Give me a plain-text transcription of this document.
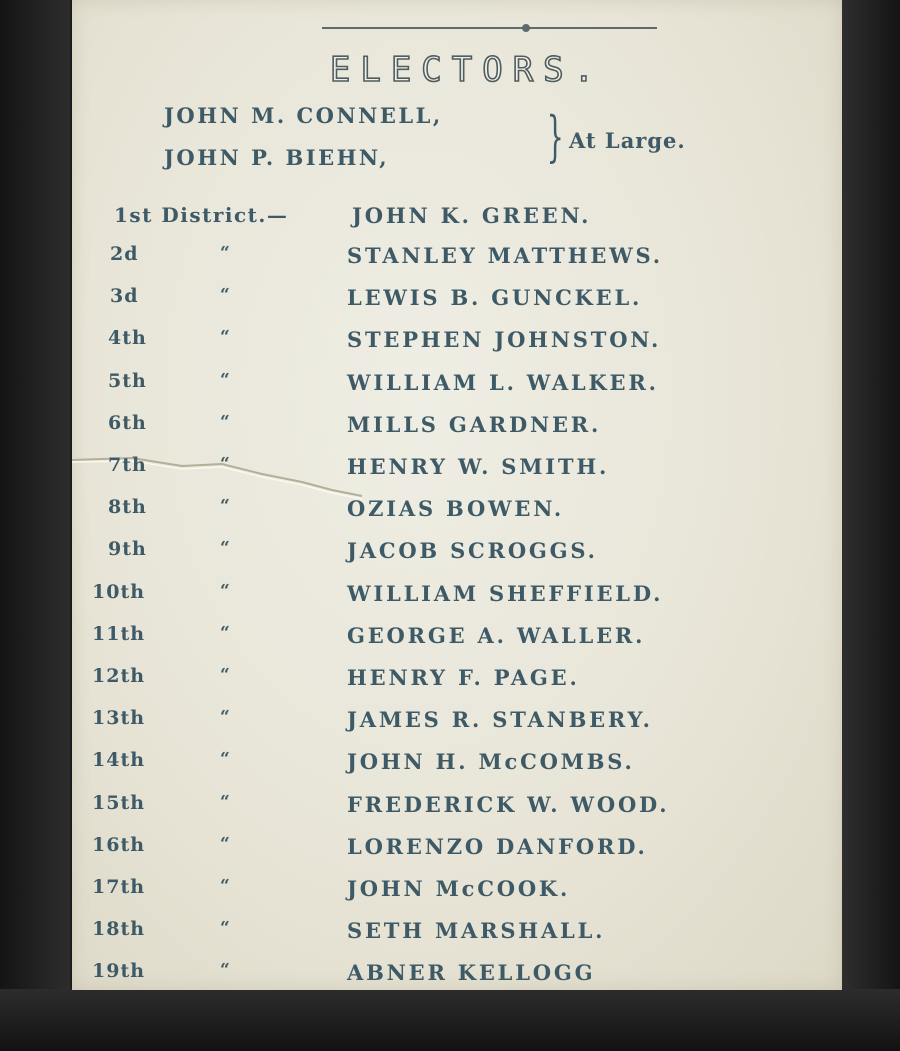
ELECTORS.
JOHN M. CONNELL,
JOHN P. BIEHN,	} At Large.
1st District.—	JOHN K. GREEN.
2d	“	STANLEY MATTHEWS.
3d	“	LEWIS B. GUNCKEL.
4th	“	STEPHEN JOHNSTON.
5th	“	WILLIAM L. WALKER.
6th	“	MILLS GARDNER.
7th	“	HENRY W. SMITH.
8th	“	OZIAS BOWEN.
9th	“	JACOB SCROGGS.
10th	“	WILLIAM SHEFFIELD.
11th	“	GEORGE A. WALLER.
12th	“	HENRY F. PAGE.
13th	“	JAMES R. STANBERY.
14th	“	JOHN H. McCOMBS.
15th	“	FREDERICK W. WOOD.
16th	“	LORENZO DANFORD.
17th	“	JOHN McCOOK.
18th	“	SETH MARSHALL.
19th	“	ABNER KELLOGG
